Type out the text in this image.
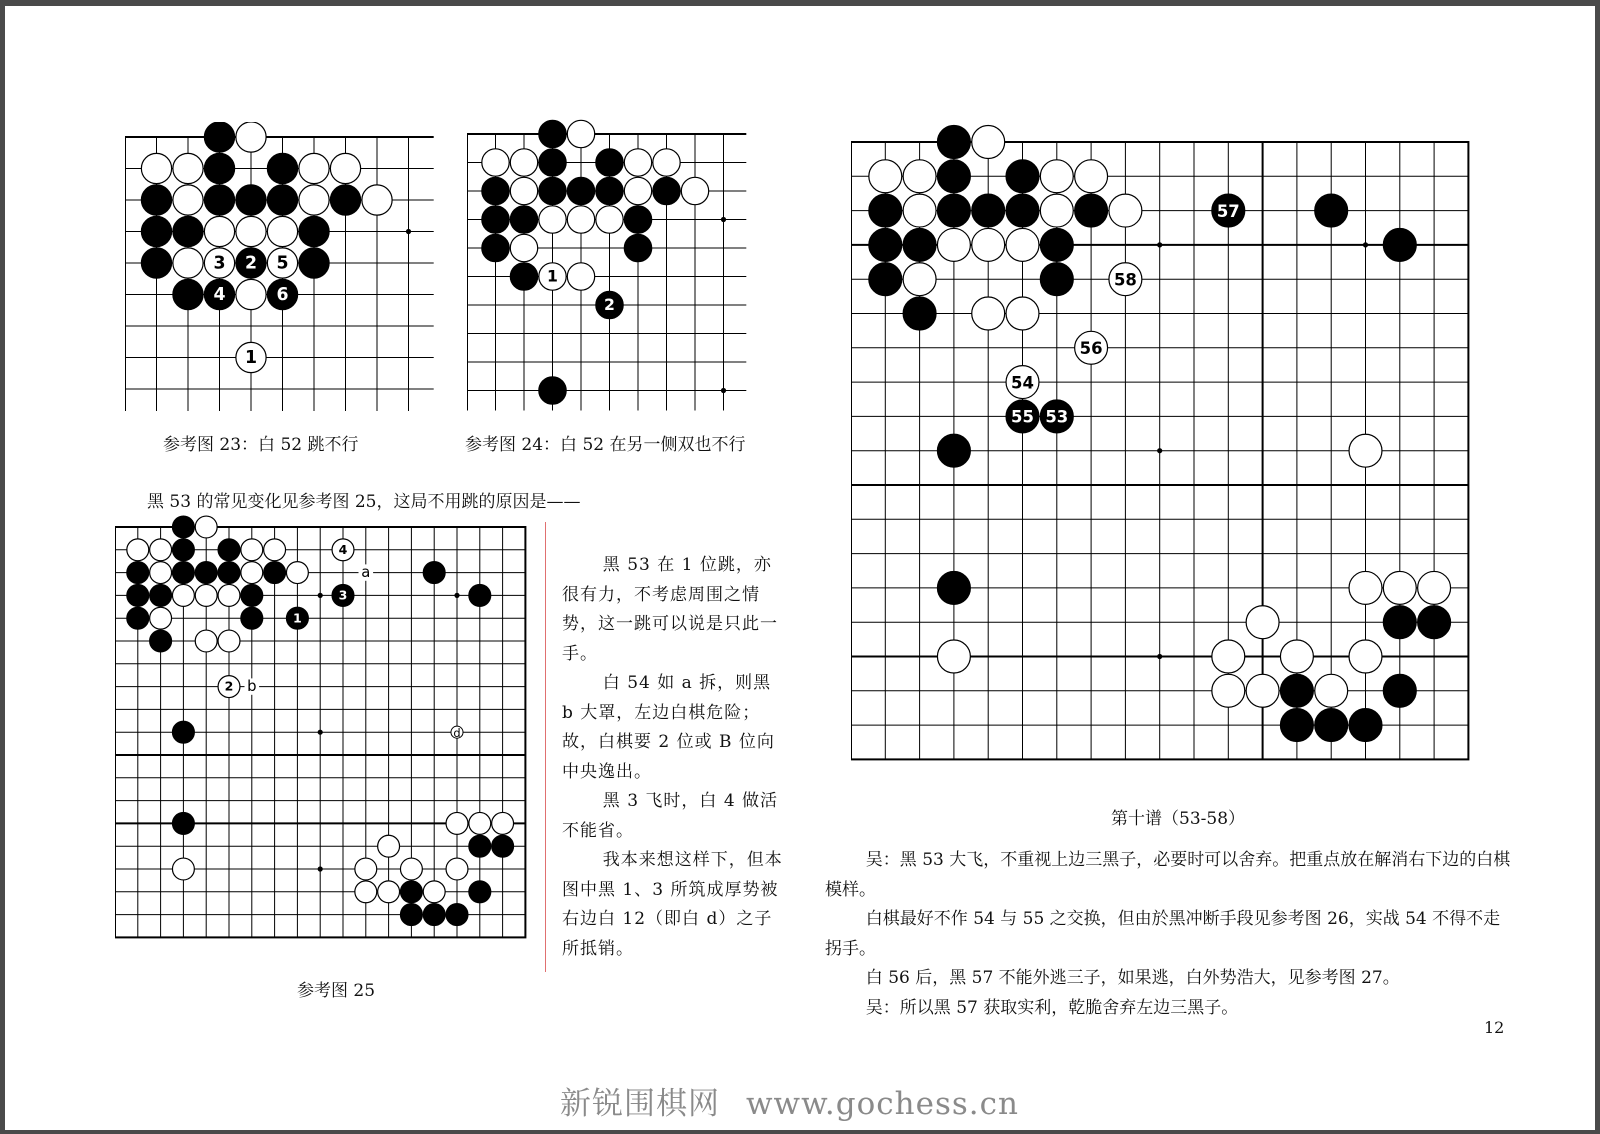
3 2 5
4	6
1
参考图 23：白 52 跳不行
1
2
参考图 24：白 52 在另一侧双也不行
黑 53 的常见变化见参考图 25，这局不用跳的原因是——
4
3
1
2
a
b
d
参考图 25

黑 53 在 1 位跳，亦很有力，不考虑周围之情势，这一跳可以说是只此一手。

白 54 如 a 拆，则黑 b 大罩，左边白棋危险；故，白棋要 2 位或 B 位向中央逸出。

黑 3 飞时，白 4 做活不能省。

我本来想这样下，但本图中黑 1、3 所筑成厚势被右边白 12（即白 d）之子所抵销。

57
58
56
54
55 53
第十谱（53-58）

吴：黑 53 大飞，不重视上边三黑子，必要时可以舍弃。把重点放在解消右下边的白棋模样。

白棋最好不作 54 与 55 之交换，但由於黑冲断手段见参考图 26，实战 54 不得不走拐手。

白 56 后，黑 57 不能外逃三子，如果逃，白外势浩大，见参考图 27。

吴：所以黑 57 获取实利，乾脆舍弃左边三黑子。

12
新锐围棋网 www.gochess.cn
